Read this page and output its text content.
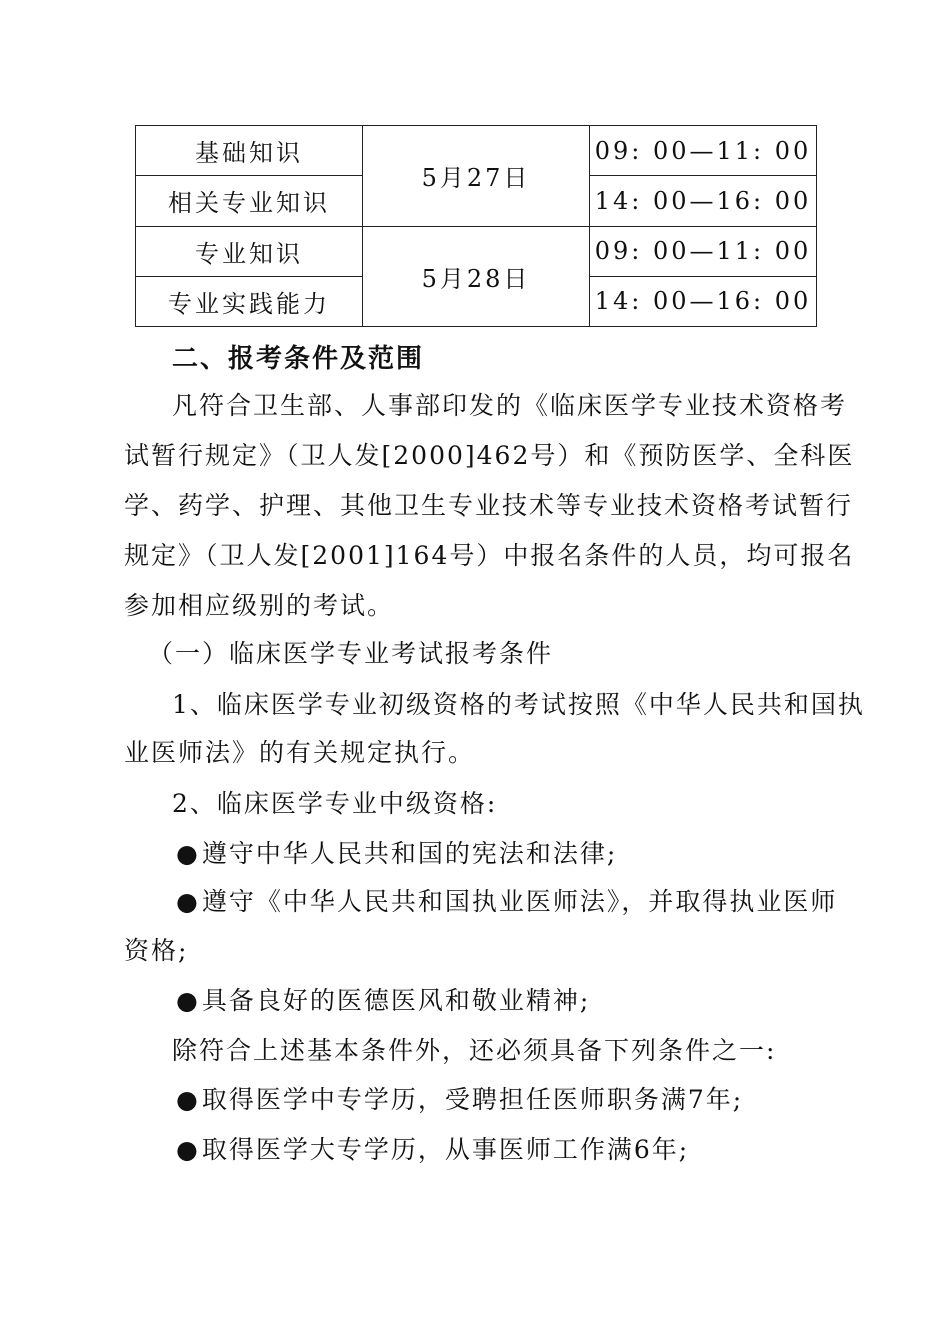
基础知识	5月27日	09: 00—11: 00
相关专业知识		14: 00—16: 00
专业知识	5月28日	09: 00—11: 00
专业实践能力		14: 00—16: 00
二、报考条件及范围
凡符合卫生部、人事部印发的《临床医学专业技术资格考
试暂行规定》（卫人发[2000]462号）和《预防医学、全科医
学、药学、护理、其他卫生专业技术等专业技术资格考试暂行
规定》（卫人发[2001]164号）中报名条件的人员，均可报名
参加相应级别的考试。
（一）临床医学专业考试报考条件
1、临床医学专业初级资格的考试按照《中华人民共和国执
业医师法》的有关规定执行。
2、临床医学专业中级资格:
●遵守中华人民共和国的宪法和法律;
●遵守《中华人民共和国执业医师法》，并取得执业医师
资格;
●具备良好的医德医风和敬业精神;
除符合上述基本条件外，还必须具备下列条件之一:
●取得医学中专学历，受聘担任医师职务满7年;
●取得医学大专学历，从事医师工作满6年;
